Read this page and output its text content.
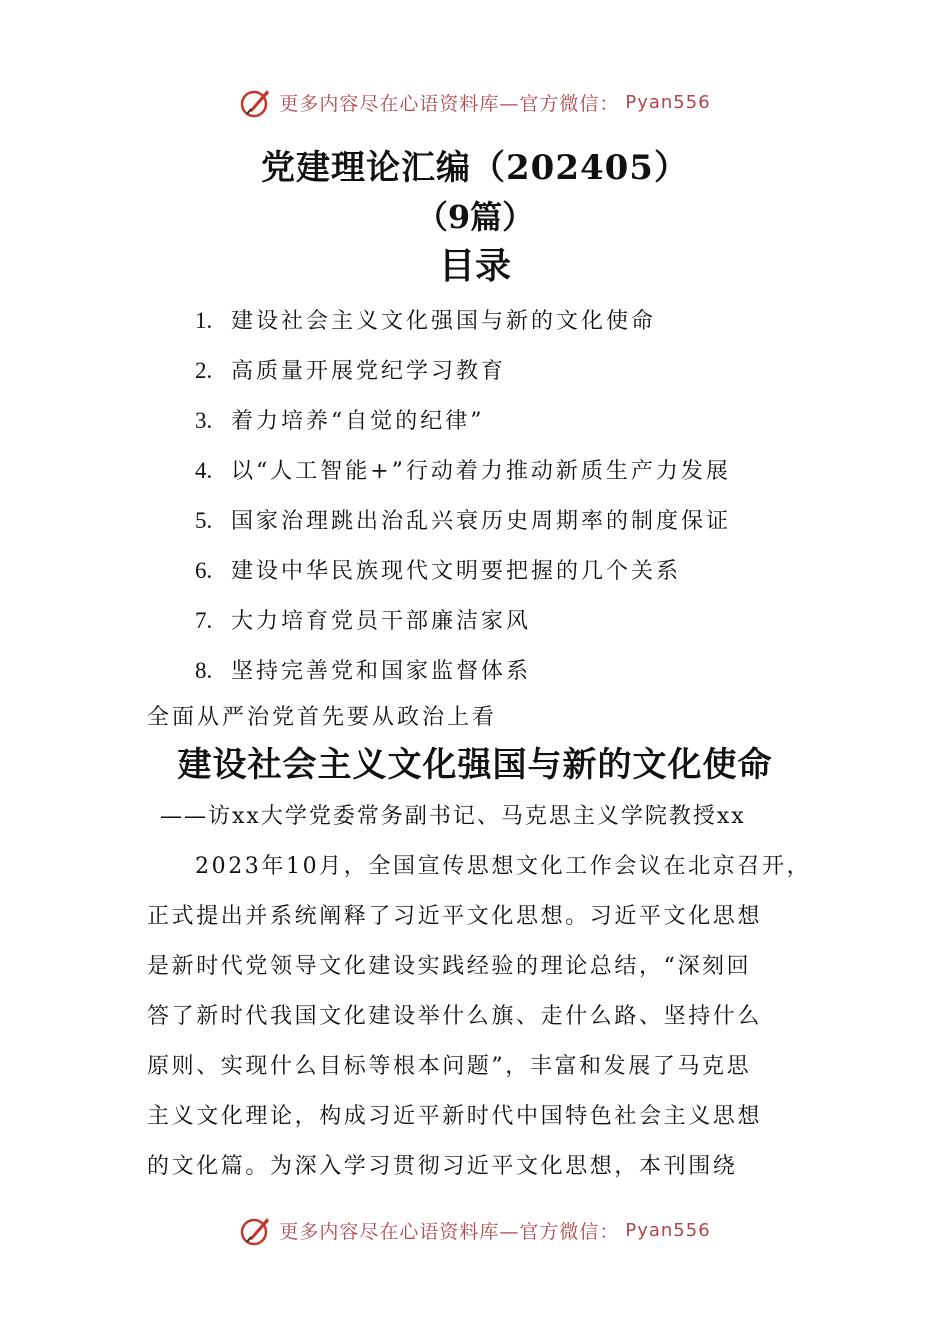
更多内容尽在心语资料库—官方微信： Pyan556
党建理论汇编（202405）
（9篇）
目录
1. 建设社会主义文化强国与新的文化使命
2. 高质量开展党纪学习教育
3. 着力培养“自觉的纪律”
4. 以“人工智能+”行动着力推动新质生产力发展
5. 国家治理跳出治乱兴衰历史周期率的制度保证
6. 建设中华民族现代文明要把握的几个关系
7. 大力培育党员干部廉洁家风
8. 坚持完善党和国家监督体系
全面从严治党首先要从政治上看
建设社会主义文化强国与新的文化使命
——访xx大学党委常务副书记、马克思主义学院教授xx
2023年10月，全国宣传思想文化工作会议在北京召开，
正式提出并系统阐释了习近平文化思想。习近平文化思想
是新时代党领导文化建设实践经验的理论总结，“深刻回
答了新时代我国文化建设举什么旗、走什么路、坚持什么
原则、实现什么目标等根本问题”，丰富和发展了马克思
主义文化理论，构成习近平新时代中国特色社会主义思想
的文化篇。为深入学习贯彻习近平文化思想，本刊围绕
更多内容尽在心语资料库—官方微信： Pyan556
